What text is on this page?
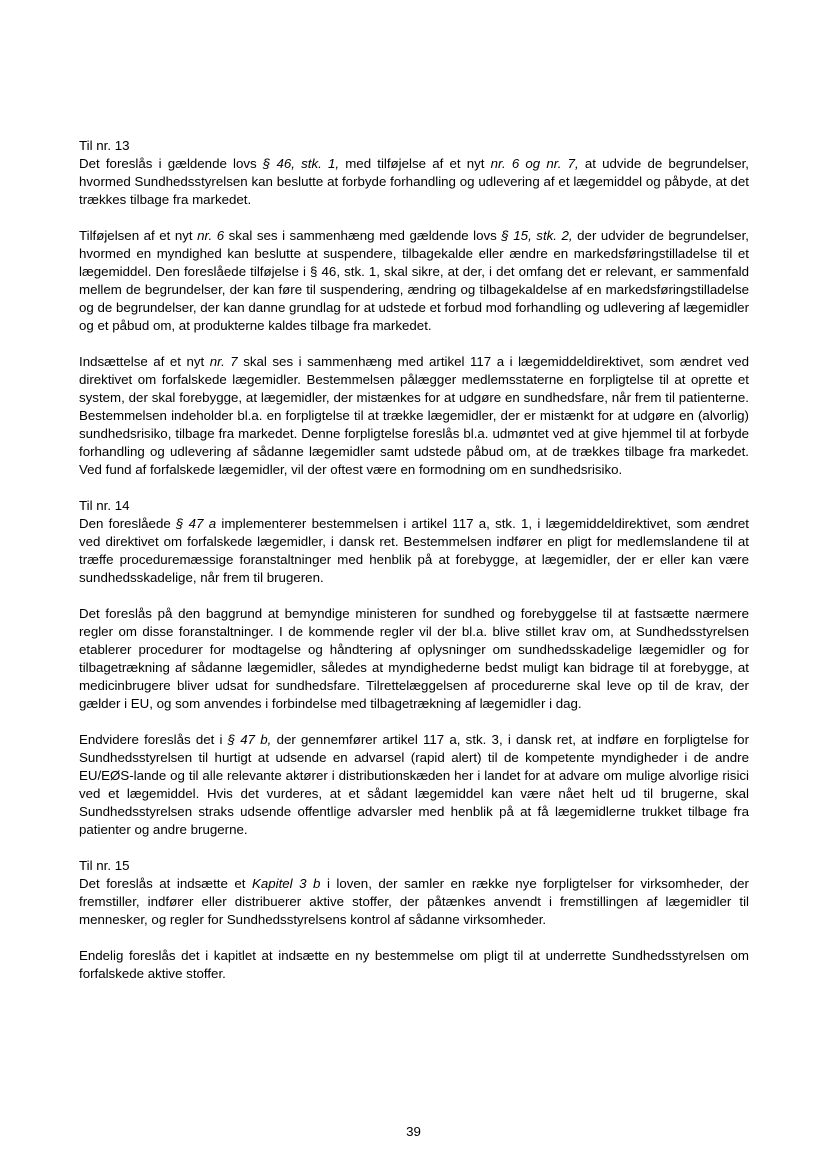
Til nr. 13

Det foreslås i gældende lovs § 46, stk. 1, med tilføjelse af et nyt nr. 6 og nr. 7, at udvide de begrundelser, hvormed Sundhedsstyrelsen kan beslutte at forbyde forhandling og udlevering af et lægemiddel og påbyde, at det trækkes tilbage fra markedet.

Tilføjelsen af et nyt nr. 6 skal ses i sammenhæng med gældende lovs § 15, stk. 2, der udvider de begrundelser, hvormed en myndighed kan beslutte at suspendere, tilbagekalde eller ændre en markedsføringstilladelse til et lægemiddel. Den foreslåede tilføjelse i § 46, stk. 1, skal sikre, at der, i det omfang det er relevant, er sammenfald mellem de begrundelser, der kan føre til suspendering, ændring og tilbagekaldelse af en markedsføringstilladelse og de begrundelser, der kan danne grundlag for at udstede et forbud mod forhandling og udlevering af lægemidler og et påbud om, at produkterne kaldes tilbage fra markedet.

Indsættelse af et nyt nr. 7 skal ses i sammenhæng med artikel 117 a i lægemiddeldirektivet, som ændret ved direktivet om forfalskede lægemidler. Bestemmelsen pålægger medlemsstaterne en forpligtelse til at oprette et system, der skal forebygge, at lægemidler, der mistænkes for at udgøre en sundhedsfare, når frem til patienterne. Bestemmelsen indeholder bl.a. en forpligtelse til at trække lægemidler, der er mistænkt for at udgøre en (alvorlig) sundhedsrisiko, tilbage fra markedet. Denne forpligtelse foreslås bl.a. udmøntet ved at give hjemmel til at forbyde forhandling og udlevering af sådanne lægemidler samt udstede påbud om, at de trækkes tilbage fra markedet. Ved fund af forfalskede lægemidler, vil der oftest være en formodning om en sundhedsrisiko.

Til nr. 14

Den foreslåede § 47 a implementerer bestemmelsen i artikel 117 a, stk. 1, i lægemiddeldirektivet, som ændret ved direktivet om forfalskede lægemidler, i dansk ret. Bestemmelsen indfører en pligt for medlemslandene til at træffe proceduremæssige foranstaltninger med henblik på at forebygge, at lægemidler, der er eller kan være sundhedsskadelige, når frem til brugeren.

Det foreslås på den baggrund at bemyndige ministeren for sundhed og forebyggelse til at fastsætte nærmere regler om disse foranstaltninger. I de kommende regler vil der bl.a. blive stillet krav om, at Sundhedsstyrelsen etablerer procedurer for modtagelse og håndtering af oplysninger om sundhedsskadelige lægemidler og for tilbagetrækning af sådanne lægemidler, således at myndighederne bedst muligt kan bidrage til at forebygge, at medicinbrugere bliver udsat for sundhedsfare. Tilrettelæggelsen af procedurerne skal leve op til de krav, der gælder i EU, og som anvendes i forbindelse med tilbagetrækning af lægemidler i dag.

Endvidere foreslås det i § 47 b, der gennemfører artikel 117 a, stk. 3, i dansk ret, at indføre en forpligtelse for Sundhedsstyrelsen til hurtigt at udsende en advarsel (rapid alert) til de kompetente myndigheder i de andre EU/EØS-lande og til alle relevante aktører i distributionskæden her i landet for at advare om mulige alvorlige risici ved et lægemiddel. Hvis det vurderes, at et sådant lægemiddel kan være nået helt ud til brugerne, skal Sundhedsstyrelsen straks udsende offentlige advarsler med henblik på at få lægemidlerne trukket tilbage fra patienter og andre brugerne.

Til nr. 15

Det foreslås at indsætte et Kapitel 3 b i loven, der samler en række nye forpligtelser for virksomheder, der fremstiller, indfører eller distribuerer aktive stoffer, der påtænkes anvendt i fremstillingen af lægemidler til mennesker, og regler for Sundhedsstyrelsens kontrol af sådanne virksomheder.

Endelig foreslås det i kapitlet at indsætte en ny bestemmelse om pligt til at underrette Sundhedsstyrelsen om forfalskede aktive stoffer.

39
